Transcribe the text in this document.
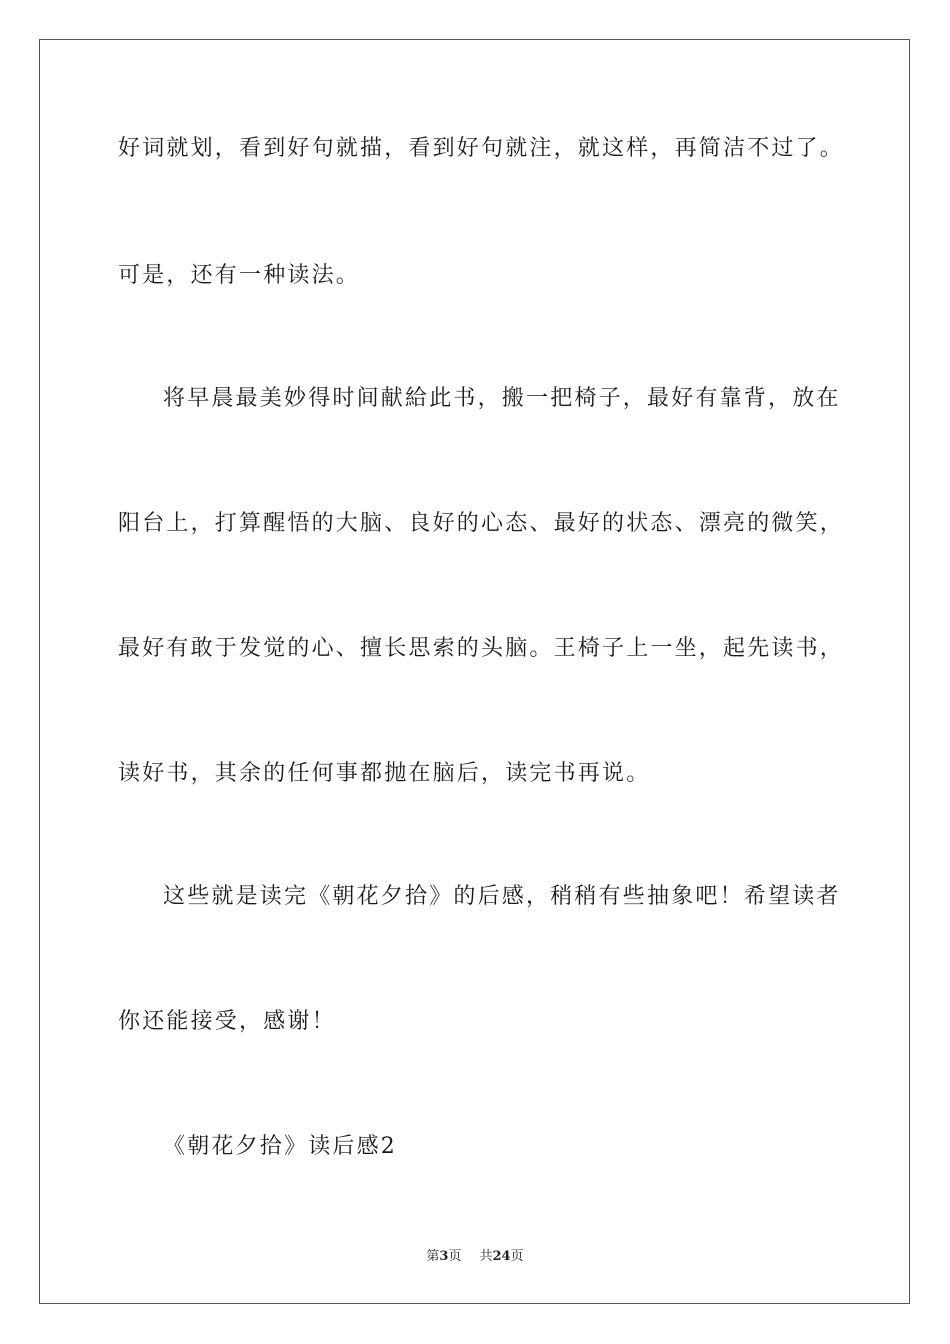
好词就划，看到好句就描，看到好句就注，就这样，再简洁不过了。
可是，还有一种读法。
将早晨最美妙得时间献給此书，搬一把椅子，最好有靠背，放在
阳台上，打算醒悟的大脑、良好的心态、最好的状态、漂亮的微笑，
最好有敢于发觉的心、擅长思索的头脑。王椅子上一坐，起先读书，
读好书，其余的任何事都抛在脑后，读完书再说。
这些就是读完《朝花夕拾》的后感，稍稍有些抽象吧！希望读者
你还能接受，感谢！
《朝花夕拾》读后感2
第3页 共24页
